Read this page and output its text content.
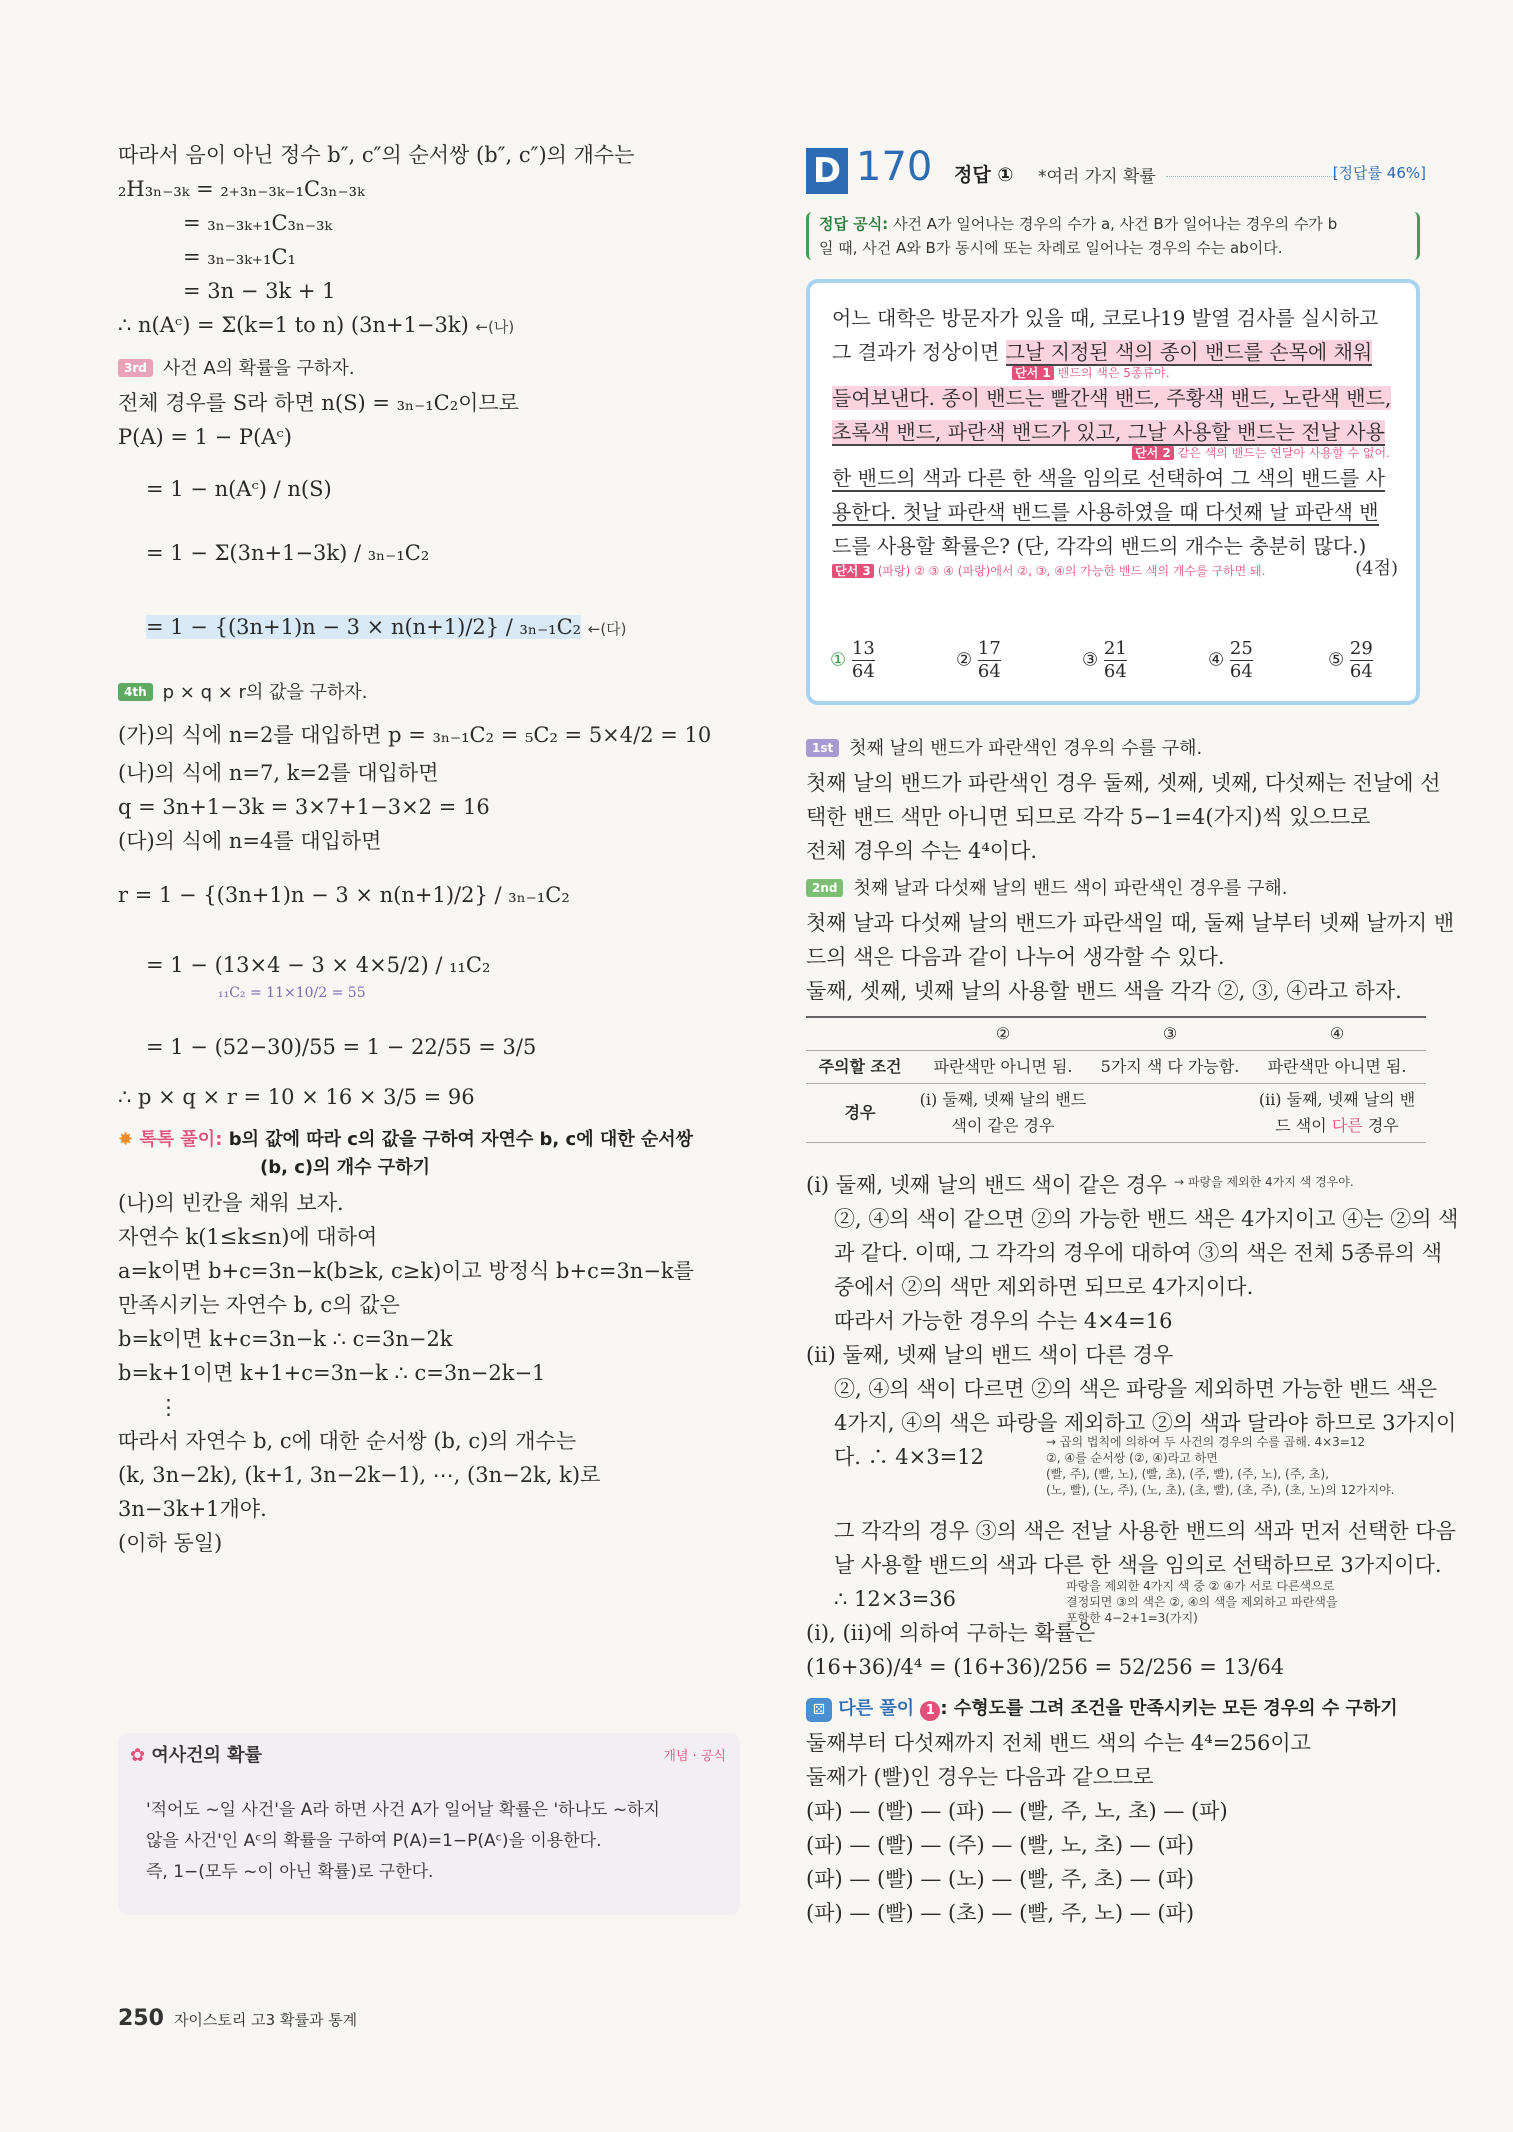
따라서 음이 아닌 정수 b″, c″의 순서쌍 (b″, c″)의 개수는
₂H₃ₙ₋₃ₖ = ₂₊₃ₙ₋₃ₖ₋₁C₃ₙ₋₃ₖ
= ₃ₙ₋₃ₖ₊₁C₃ₙ₋₃ₖ
= ₃ₙ₋₃ₖ₊₁C₁
= 3n − 3k + 1
∴ n(Aᶜ) = Σ(k=1 to n) (3n+1−3k) ←(나)
3rd 사건 A의 확률을 구하자.
전체 경우를 S라 하면 n(S) = ₃ₙ₋₁C₂이므로
P(A) = 1 − P(Aᶜ)
= 1 − n(Aᶜ) / n(S)
= 1 − Σ(3n+1−3k) / ₃ₙ₋₁C₂
= 1 − {(3n+1)n − 3 × n(n+1)/2} / ₃ₙ₋₁C₂ ←(다)
4th p × q × r의 값을 구하자.
(가)의 식에 n=2를 대입하면 p = ₃ₙ₋₁C₂ = ₅C₂ = 5×4/2 = 10
(나)의 식에 n=7, k=2를 대입하면
q = 3n+1−3k = 3×7+1−3×2 = 16
(다)의 식에 n=4를 대입하면
r = 1 − {(3n+1)n − 3 × n(n+1)/2} / ₃ₙ₋₁C₂
= 1 − (13×4 − 3 × 4×5/2) / ₁₁C₂
₁₁C₂ = 11×10/2 = 55
= 1 − (52−30)/55 = 1 − 22/55 = 3/5
∴ p × q × r = 10 × 16 × 3/5 = 96
✸ 톡톡 풀이: b의 값에 따라 c의 값을 구하여 자연수 b, c에 대한 순서쌍
(b, c)의 개수 구하기
(나)의 빈칸을 채워 보자.
자연수 k(1≤k≤n)에 대하여
a=k이면 b+c=3n−k(b≥k, c≥k)이고 방정식 b+c=3n−k를
만족시키는 자연수 b, c의 값은
b=k이면 k+c=3n−k ∴ c=3n−2k
b=k+1이면 k+1+c=3n−k ∴ c=3n−2k−1
⋮
따라서 자연수 b, c에 대한 순서쌍 (b, c)의 개수는
(k, 3n−2k), (k+1, 3n−2k−1), ⋯, (3n−2k, k)로
3n−3k+1개야.
(이하 동일)
✿ 여사건의 확률	개념 · 공식
'적어도 ~일 사건'을 A라 하면 사건 A가 일어날 확률은 '하나도 ~하지
않을 사건'인 Aᶜ의 확률을 구하여 P(A)=1−P(Aᶜ)을 이용한다.
즉, 1−(모두 ~이 아닌 확률)로 구한다.
250 자이스토리 고3 확률과 통계
D 170 정답 ① *여러 가지 확률	[정답률 46%]
정답 공식: 사건 A가 일어나는 경우의 수가 a, 사건 B가 일어나는 경우의 수가 b
일 때, 사건 A와 B가 동시에 또는 차례로 일어나는 경우의 수는 ab이다.
어느 대학은 방문자가 있을 때, 코로나19 발열 검사를 실시하고
그 결과가 정상이면 그날 지정된 색의 종이 밴드를 손목에 채워
단서 1 밴드의 색은 5종류야.
들여보낸다. 종이 밴드는 빨간색 밴드, 주황색 밴드, 노란색 밴드,
초록색 밴드, 파란색 밴드가 있고, 그날 사용할 밴드는 전날 사용
단서 2 같은 색의 밴드는 연달아 사용할 수 없어.
한 밴드의 색과 다른 한 색을 임의로 선택하여 그 색의 밴드를 사
용한다. 첫날 파란색 밴드를 사용하였을 때 다섯째 날 파란색 밴
드를 사용할 확률은? (단, 각각의 밴드의 개수는 충분히 많다.)
단서 3 (파랑) ② ③ ④ (파랑)에서 ②, ③, ④의 가능한 밴드 색의 개수를 구하면 돼.	(4점)
① $\frac{13}{64}$	② $\frac{17}{64}$	③ $\frac{21}{64}$	④ $\frac{25}{64}$	⑤ $\frac{29}{64}$
1st 첫째 날의 밴드가 파란색인 경우의 수를 구해.
첫째 날의 밴드가 파란색인 경우 둘째, 셋째, 넷째, 다섯째는 전날에 선
택한 밴드 색만 아니면 되므로 각각 5−1=4(가지)씩 있으므로
전체 경우의 수는 4⁴이다.
2nd 첫째 날과 다섯째 날의 밴드 색이 파란색인 경우를 구해.
첫째 날과 다섯째 날의 밴드가 파란색일 때, 둘째 날부터 넷째 날까지 밴
드의 색은 다음과 같이 나누어 생각할 수 있다.
둘째, 셋째, 넷째 날의 사용할 밴드 색을 각각 ②, ③, ④라고 하자.
	②	③	④
주의할 조건	파란색만 아니면 됨.	5가지 색 다 가능함.	파란색만 아니면 됨.
경우	(i) 둘째, 넷째 날의 밴드 색이 같은 경우		(ii) 둘째, 넷째 날의 밴드 색이 다른 경우
(i) 둘째, 넷째 날의 밴드 색이 같은 경우 → 파랑을 제외한 4가지 색 경우야.
②, ④의 색이 같으면 ②의 가능한 밴드 색은 4가지이고 ④는 ②의 색
과 같다. 이때, 그 각각의 경우에 대하여 ③의 색은 전체 5종류의 색
중에서 ②의 색만 제외하면 되므로 4가지이다.
따라서 가능한 경우의 수는 4×4=16
(ii) 둘째, 넷째 날의 밴드 색이 다른 경우
②, ④의 색이 다르면 ②의 색은 파랑을 제외하면 가능한 밴드 색은
4가지, ④의 색은 파랑을 제외하고 ②의 색과 달라야 하므로 3가지이
다. ∴ 4×3=12
→ 곱의 법칙에 의하여 두 사건의 경우의 수를 곱해. 4×3=12
②, ④를 순서쌍 (②, ④)라고 하면
(빨, 주), (빨, 노), (빨, 초), (주, 빨), (주, 노), (주, 초),
(노, 빨), (노, 주), (노, 초), (초, 빨), (초, 주), (초, 노)의 12가지야.
그 각각의 경우 ③의 색은 전날 사용한 밴드의 색과 먼저 선택한 다음
날 사용할 밴드의 색과 다른 한 색을 임의로 선택하므로 3가지이다.
∴ 12×3=36
파랑을 제외한 4가지 색 중 ② ④가 서로 다른색으로
결정되면 ③의 색은 ②, ④의 색을 제외하고 파란색을
포함한 4−2+1=3(가지)
(i), (ii)에 의하여 구하는 확률은
(16+36)/4⁴ = (16+36)/256 = 52/256 = 13/64
⚄ 다른 풀이 1 : 수형도를 그려 조건을 만족시키는 모든 경우의 수 구하기
둘째부터 다섯째까지 전체 밴드 색의 수는 4⁴=256이고
둘째가 (빨)인 경우는 다음과 같으므로
(파) — (빨) — (파) — (빨, 주, 노, 초) — (파)
(파) — (빨) — (주) — (빨, 노, 초) — (파)
(파) — (빨) — (노) — (빨, 주, 초) — (파)
(파) — (빨) — (초) — (빨, 주, 노) — (파)
